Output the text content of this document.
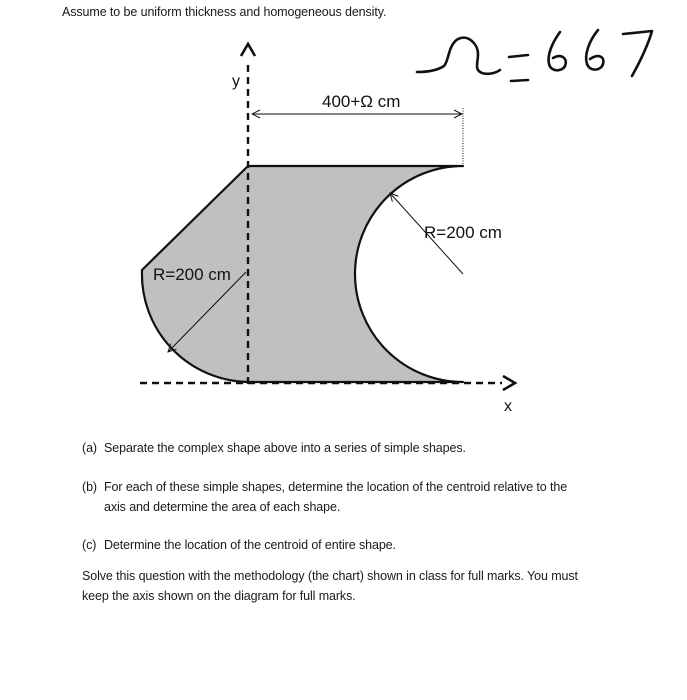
Assume to be uniform thickness and homogeneous density.
y
x
400+Ω cm
R=200 cm
R=200 cm
(a) Separate the complex shape above into a series of simple shapes.
(b) For each of these simple shapes, determine the location of the centroid relative to the
axis and determine the area of each shape.
(c) Determine the location of the centroid of entire shape.
Solve this question with the methodology (the chart) shown in class for full marks. You must
keep the axis shown on the diagram for full marks.
